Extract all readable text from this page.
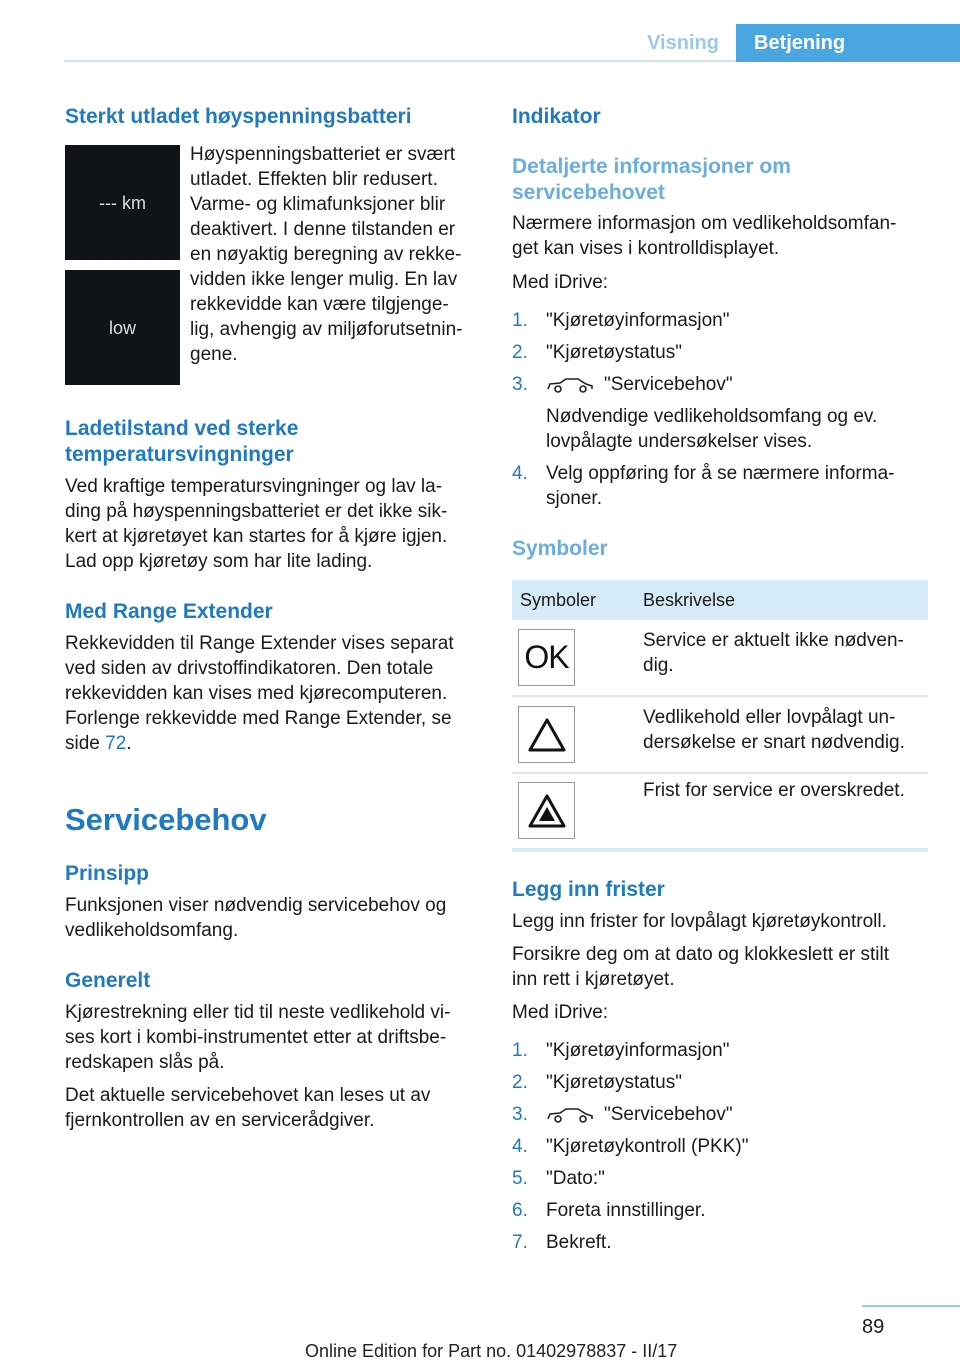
Visning	Betjening
Sterkt utladet høyspenningsbatteri
--- km
low

Høyspenningsbatteriet er svært

utladet. Effekten blir redusert.

Varme- og klimafunksjoner blir

deaktivert. I denne tilstanden er

en nøyaktig beregning av rekke-

vidden ikke lenger mulig. En lav

rekkevidde kan være tilgjenge-

lig, avhengig av miljøforutsetnin-

gene.

Ladetilstand ved sterke

temperatursvingninger

Ved kraftige temperatursvingninger og lav la-

ding på høyspenningsbatteriet er det ikke sik-

kert at kjøretøyet kan startes for å kjøre igjen.

Lad opp kjøretøy som har lite lading.

Med Range Extender

Rekkevidden til Range Extender vises separat

ved siden av drivstoffindikatoren. Den totale

rekkevidden kan vises med kjørecomputeren.

Forlenge rekkevidde med Range Extender, se

side 72.

Servicebehov
Prinsipp

Funksjonen viser nødvendig servicebehov og

vedlikeholdsomfang.

Generelt

Kjørestrekning eller tid til neste vedlikehold vi-

ses kort i kombi-instrumentet etter at driftsbe-

redskapen slås på.

Det aktuelle servicebehovet kan leses ut av

fjernkontrollen av en servicerådgiver.

Indikator

Detaljerte informasjoner om

servicebehovet

Nærmere informasjon om vedlikeholdsomfan-

get kan vises i kontrolldisplayet.

Med iDrive:
1. "Kjøretøyinformasjon"
2. "Kjøretøystatus"
3.	"Servicebehov"

Nødvendige vedlikeholdsomfang og ev.

lovpålagte undersøkelser vises.

4. Velg oppføring for å se nærmere informa-

sjoner.

Symboler
Symboler	Beskrivelse
OK	Service er aktuelt ikke nødven-

dig.

Vedlikehold eller lovpålagt un-

dersøkelse er snart nødvendig.

Frist for service er overskredet.

Legg inn frister
Legg inn frister for lovpålagt kjøretøykontroll.

Forsikre deg om at dato og klokkeslett er stilt

inn rett i kjøretøyet.

Med iDrive:
1. "Kjøretøyinformasjon"
2. "Kjøretøystatus"
3.	"Servicebehov"
4. "Kjøretøykontroll (PKK)"
5. "Dato:"
6. Foreta innstillinger.
7. Bekreft.
89
Online Edition for Part no. 01402978837 - II/17
